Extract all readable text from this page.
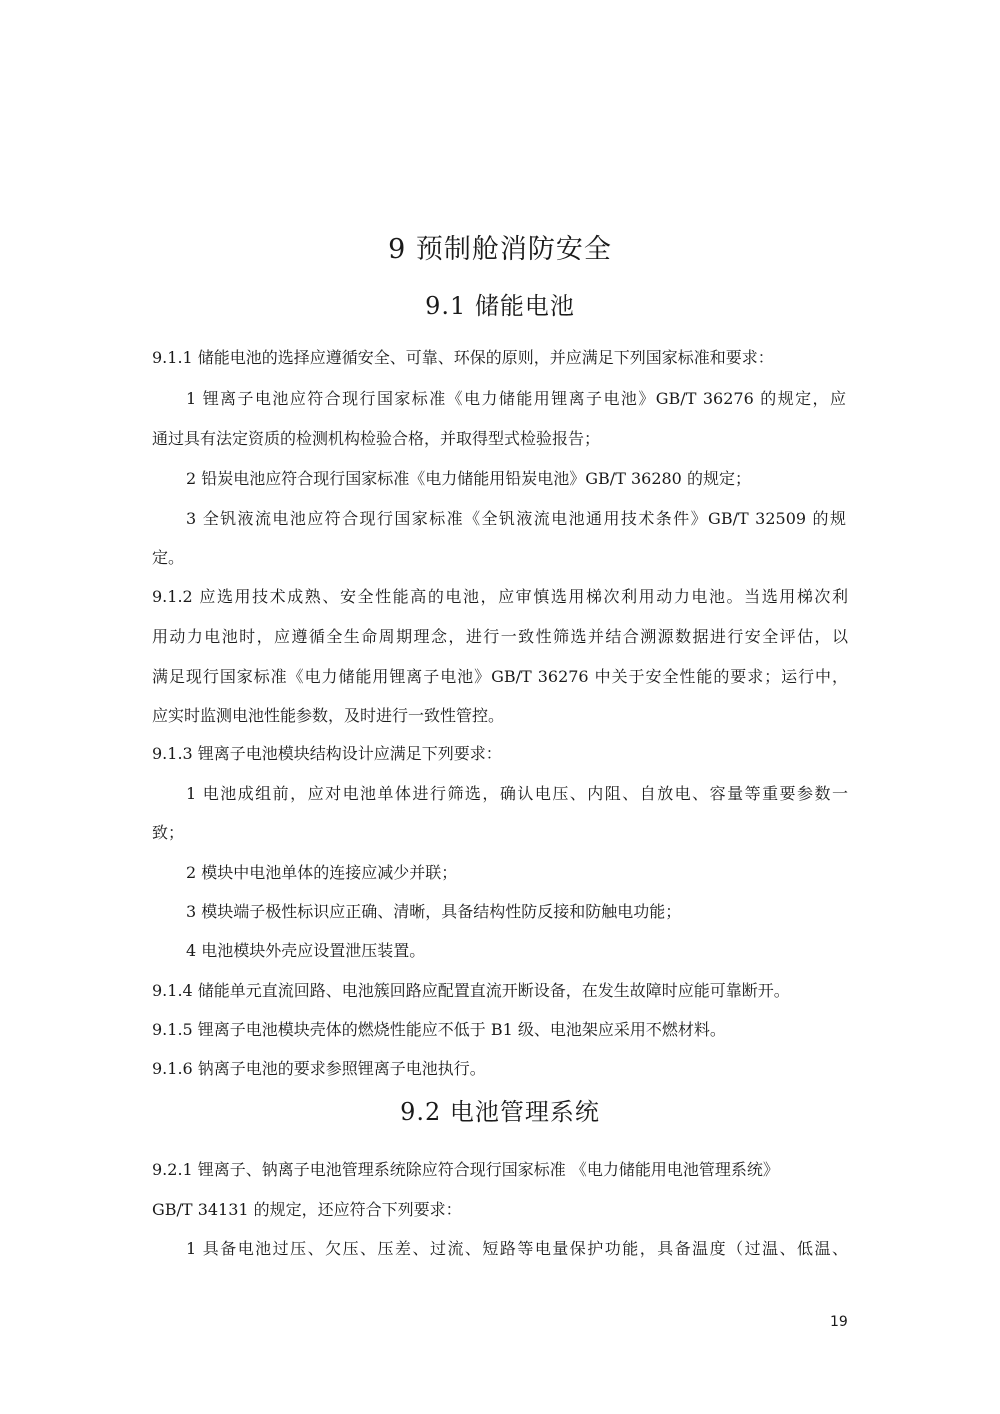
9 预制舱消防安全
9.1 储能电池

9.1.1 储能电池的选择应遵循安全、可靠、环保的原则，并应满足下列国家标准和要求：

1 锂离子电池应符合现行国家标准《电力储能用锂离子电池》GB/T 36276 的规定，应

通过具有法定资质的检测机构检验合格，并取得型式检验报告；

2 铅炭电池应符合现行国家标准《电力储能用铅炭电池》GB/T 36280 的规定；

3 全钒液流电池应符合现行国家标准《全钒液流电池通用技术条件》GB/T 32509 的规

定。

9.1.2 应选用技术成熟、安全性能高的电池，应审慎选用梯次利用动力电池。当选用梯次利

用动力电池时，应遵循全生命周期理念，进行一致性筛选并结合溯源数据进行安全评估，以

满足现行国家标准《电力储能用锂离子电池》GB/T 36276 中关于安全性能的要求；运行中，

应实时监测电池性能参数，及时进行一致性管控。

9.1.3 锂离子电池模块结构设计应满足下列要求：

1 电池成组前，应对电池单体进行筛选，确认电压、内阻、自放电、容量等重要参数一

致；

2 模块中电池单体的连接应减少并联；

3 模块端子极性标识应正确、清晰，具备结构性防反接和防触电功能；

4 电池模块外壳应设置泄压装置。

9.1.4 储能单元直流回路、电池簇回路应配置直流开断设备，在发生故障时应能可靠断开。

9.1.5 锂离子电池模块壳体的燃烧性能应不低于 B1 级、电池架应采用不燃材料。

9.1.6 钠离子电池的要求参照锂离子电池执行。

9.2 电池管理系统

9.2.1 锂离子、钠离子电池管理系统除应符合现行国家标准 《电力储能用电池管理系统》

GB/T 34131 的规定，还应符合下列要求：

1 具备电池过压、欠压、压差、过流、短路等电量保护功能，具备温度（过温、低温、

19
